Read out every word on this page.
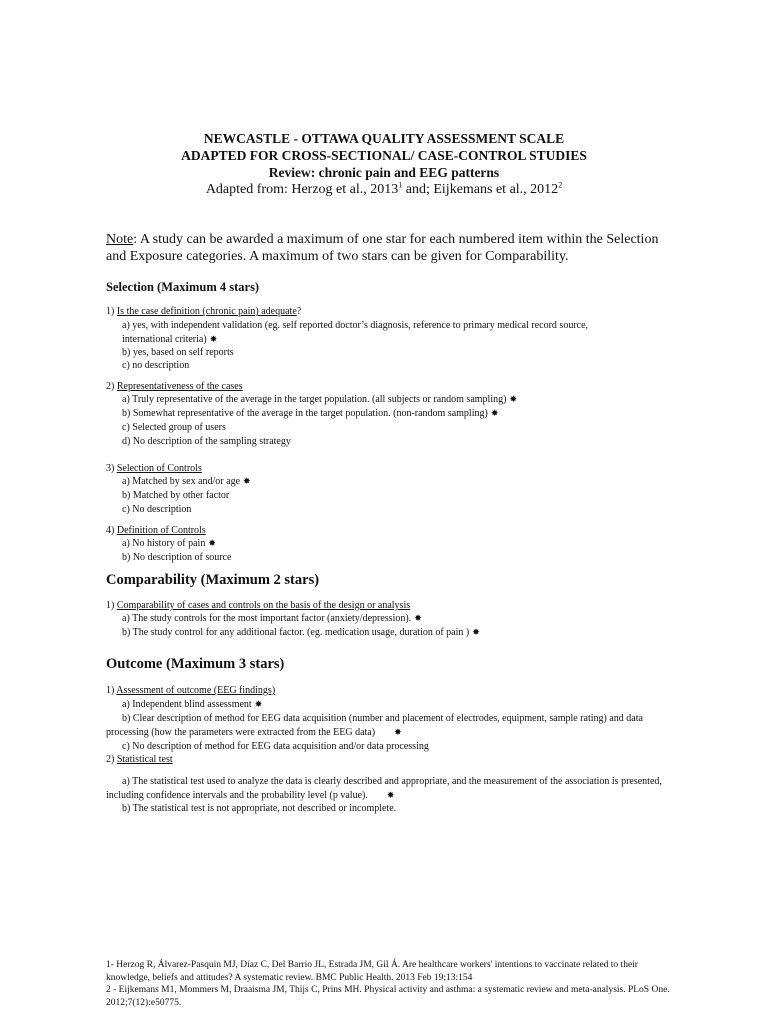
NEWCASTLE - OTTAWA QUALITY ASSESSMENT SCALE
ADAPTED FOR CROSS-SECTIONAL/ CASE-CONTROL STUDIES
Review: chronic pain and EEG patterns
Adapted from: Herzog et al., 2013$^1$ and; Eijkemans et al., 2012$^2$
Note: A study can be awarded a maximum of one star for each numbered item within the Selection and Exposure categories. A maximum of two stars can be given for Comparability.
Selection (Maximum 4 stars)
1) Is the case definition (chronic pain) adequate?
a) yes, with independent validation (eg. self reported doctor’s diagnosis, reference to primary medical record source,
international criteria) ✸
b) yes, based on self reports
c) no description
2) Representativeness of the cases
a) Truly representative of the average in the target population. (all subjects or random sampling) ✸
b) Somewhat representative of the average in the target population. (non-random sampling) ✸
c) Selected group of users
d) No description of the sampling strategy
3) Selection of Controls
a) Matched by sex and/or age ✸
b) Matched by other factor
c) No description
4) Definition of Controls
a) No history of pain ✸
b) No description of source
Comparability (Maximum 2 stars)
1) Comparability of cases and controls on the basis of the design or analysis
a) The study controls for the most important factor (anxiety/depression). ✸
b) The study control for any additional factor. (eg. medication usage, duration of pain ) ✸
Outcome (Maximum 3 stars)
1) Assessment of outcome (EEG findings)
a) Independent blind assessment ✸
b) Clear description of method for EEG data acquisition (number and placement of electrodes, equipment, sample rating) and data processing (how the parameters were extracted from the EEG data) ✸
c) No description of method for EEG data acquisition and/or data processing
2) Statistical test
a) The statistical test used to analyze the data is clearly described and appropriate, and the measurement of the association is presented, including confidence intervals and the probability level (p value). ✸
b) The statistical test is not appropriate, not described or incomplete.
1- Herzog R, Álvarez-Pasquin MJ, Díaz C, Del Barrio JL, Estrada JM, Gil Á. Are healthcare workers' intentions to vaccinate related to their knowledge, beliefs and attitudes? A systematic review. BMC Public Health. 2013 Feb 19;13:154
2 - Eijkemans M1, Mommers M, Draaisma JM, Thijs C, Prins MH. Physical activity and asthma: a systematic review and meta-analysis. PLoS One. 2012;7(12):e50775.
